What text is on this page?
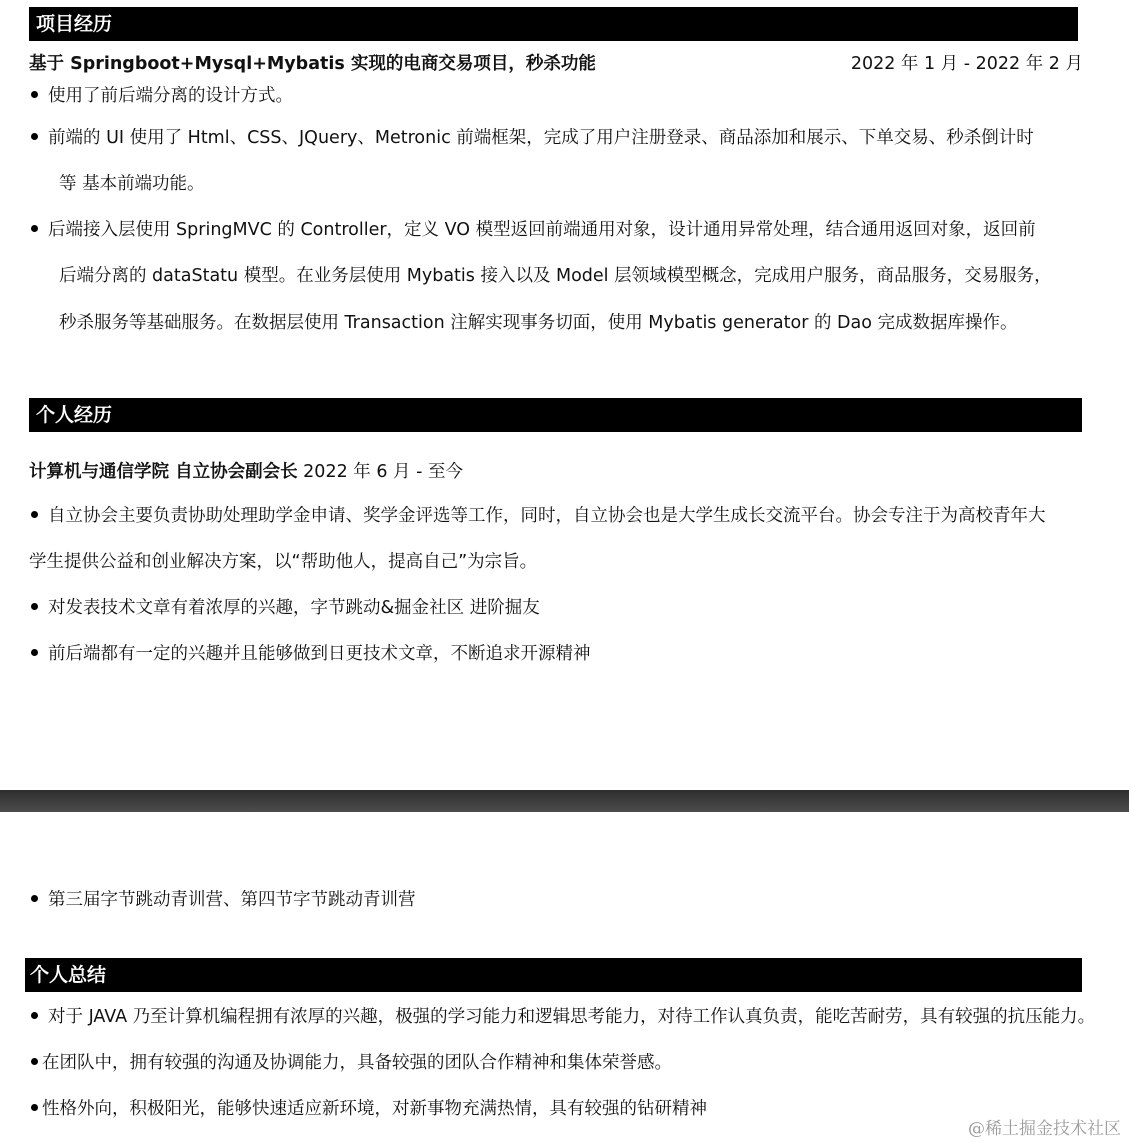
项目经历
基于 Springboot+Mysql+Mybatis 实现的电商交易项目，秒杀功能	2022 年 1 月 - 2022 年 2 月
使用了前后端分离的设计方式。
前端的 UI 使用了 Html、CSS、JQuery、Metronic 前端框架，完成了用户注册登录、商品添加和展示、下单交易、秒杀倒计时
等 基本前端功能。
后端接入层使用 SpringMVC 的 Controller，定义 VO 模型返回前端通用对象，设计通用异常处理，结合通用返回对象，返回前
后端分离的 dataStatu 模型。在业务层使用 Mybatis 接入以及 Model 层领域模型概念，完成用户服务，商品服务，交易服务，
秒杀服务等基础服务。在数据层使用 Transaction 注解实现事务切面，使用 Mybatis generator 的 Dao 完成数据库操作。
个人经历
计算机与通信学院 自立协会副会长 2022 年 6 月 - 至今
自立协会主要负责协助处理助学金申请、奖学金评选等工作，同时，自立协会也是大学生成长交流平台。协会专注于为高校青年大
学生提供公益和创业解决方案，以“帮助他人，提高自己”为宗旨。
对发表技术文章有着浓厚的兴趣，字节跳动&掘金社区 进阶掘友
前后端都有一定的兴趣并且能够做到日更技术文章，不断追求开源精神
第三届字节跳动青训营、第四节字节跳动青训营
个人总结
对于 JAVA 乃至计算机编程拥有浓厚的兴趣，极强的学习能力和逻辑思考能力，对待工作认真负责，能吃苦耐劳，具有较强的抗压能力。
在团队中，拥有较强的沟通及协调能力，具备较强的团队合作精神和集体荣誉感。
性格外向，积极阳光，能够快速适应新环境，对新事物充满热情，具有较强的钻研精神
@稀土掘金技术社区
